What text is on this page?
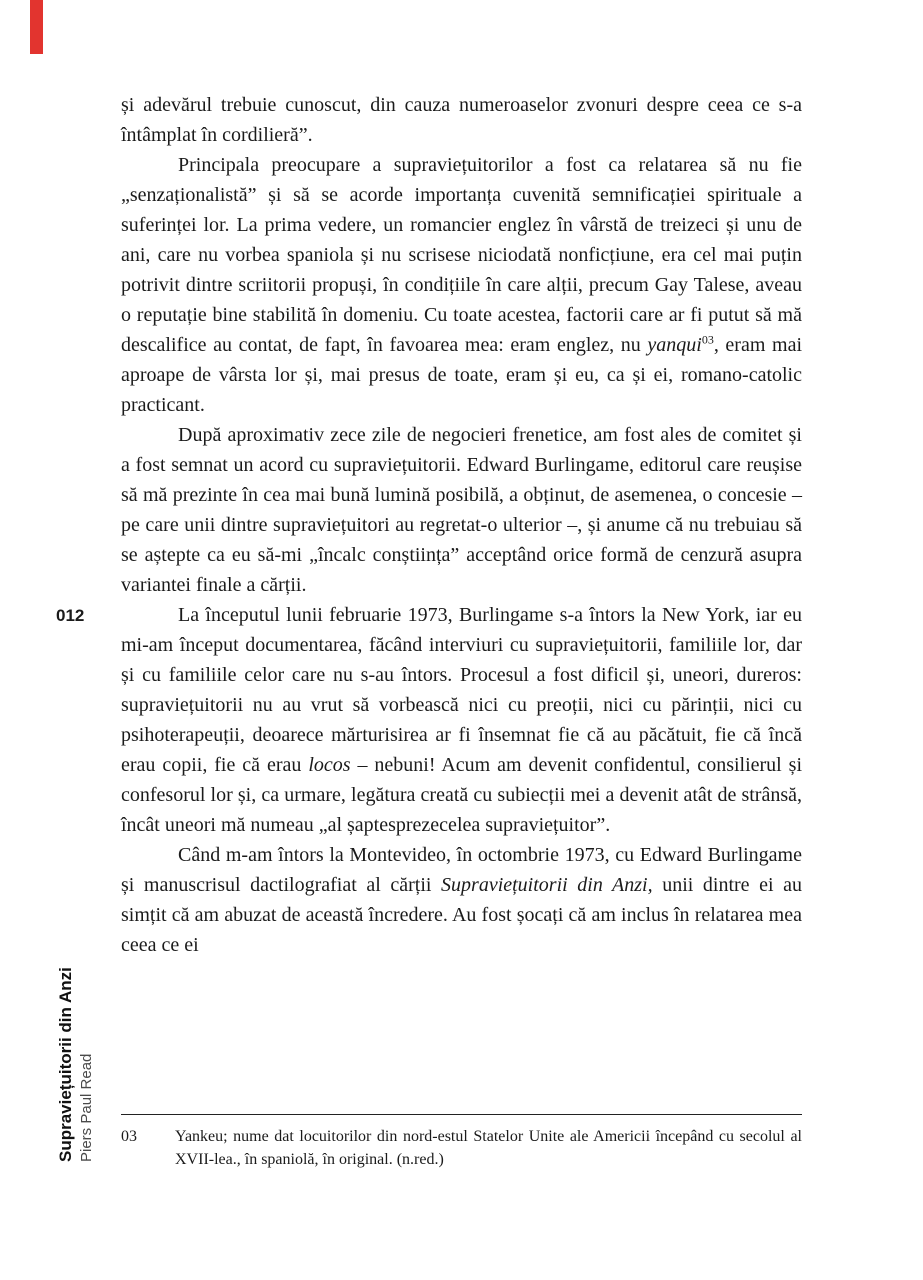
012
Supraviețuitorii din Anzi Piers Paul Read

și adevărul trebuie cunoscut, din cauza numeroaselor zvonuri despre ceea ce s-a întâmplat în cordilieră”.

Principala preocupare a supraviețuitorilor a fost ca relatarea să nu fie „senzaționalistă” și să se acorde importanța cuvenită semnificației spirituale a suferinței lor. La prima vedere, un romancier englez în vârstă de treizeci și unu de ani, care nu vorbea spaniola și nu scrisese niciodată nonficțiune, era cel mai puțin potrivit dintre scriitorii propuși, în condițiile în care alții, precum Gay Talese, aveau o reputație bine stabilită în domeniu. Cu toate acestea, factorii care ar fi putut să mă descalifice au contat, de fapt, în favoarea mea: eram englez, nu yanqui$^{03}$, eram mai aproape de vârsta lor și, mai presus de toate, eram și eu, ca și ei, romano-catolic practicant.

După aproximativ zece zile de negocieri frenetice, am fost ales de comitet și a fost semnat un acord cu supraviețuitorii. Edward Burlingame, editorul care reușise să mă prezinte în cea mai bună lumină posibilă, a obținut, de asemenea, o concesie – pe care unii dintre supraviețuitori au regretat-o ulterior –, și anume că nu trebuiau să se aștepte ca eu să-mi „încalc conștiința” acceptând orice formă de cenzură asupra variantei finale a cărții.

La începutul lunii februarie 1973, Burlingame s-a întors la New York, iar eu mi-am început documentarea, făcând interviuri cu supraviețuitorii, familiile lor, dar și cu familiile celor care nu s-au întors. Procesul a fost dificil și, uneori, dureros: supraviețuitorii nu au vrut să vorbească nici cu preoții, nici cu părinții, nici cu psihoterapeuții, deoarece mărturisirea ar fi însemnat fie că au păcătuit, fie că încă erau copii, fie că erau locos – nebuni! Acum am devenit confidentul, consilierul și confesorul lor și, ca urmare, legătura creată cu subiecții mei a devenit atât de strânsă, încât uneori mă numeau „al șaptesprezecelea supraviețuitor”.

Când m-am întors la Montevideo, în octombrie 1973, cu Edward Burlingame și manuscrisul dactilografiat al cărții Supraviețuitorii din Anzi, unii dintre ei au simțit că am abuzat de această încredere. Au fost șocați că am inclus în relatarea mea ceea ce ei

03	Yankeu; nume dat locuitorilor din nord-estul Statelor Unite ale Americii începând cu secolul al XVII-lea., în spaniolă, în original. (n.red.)
